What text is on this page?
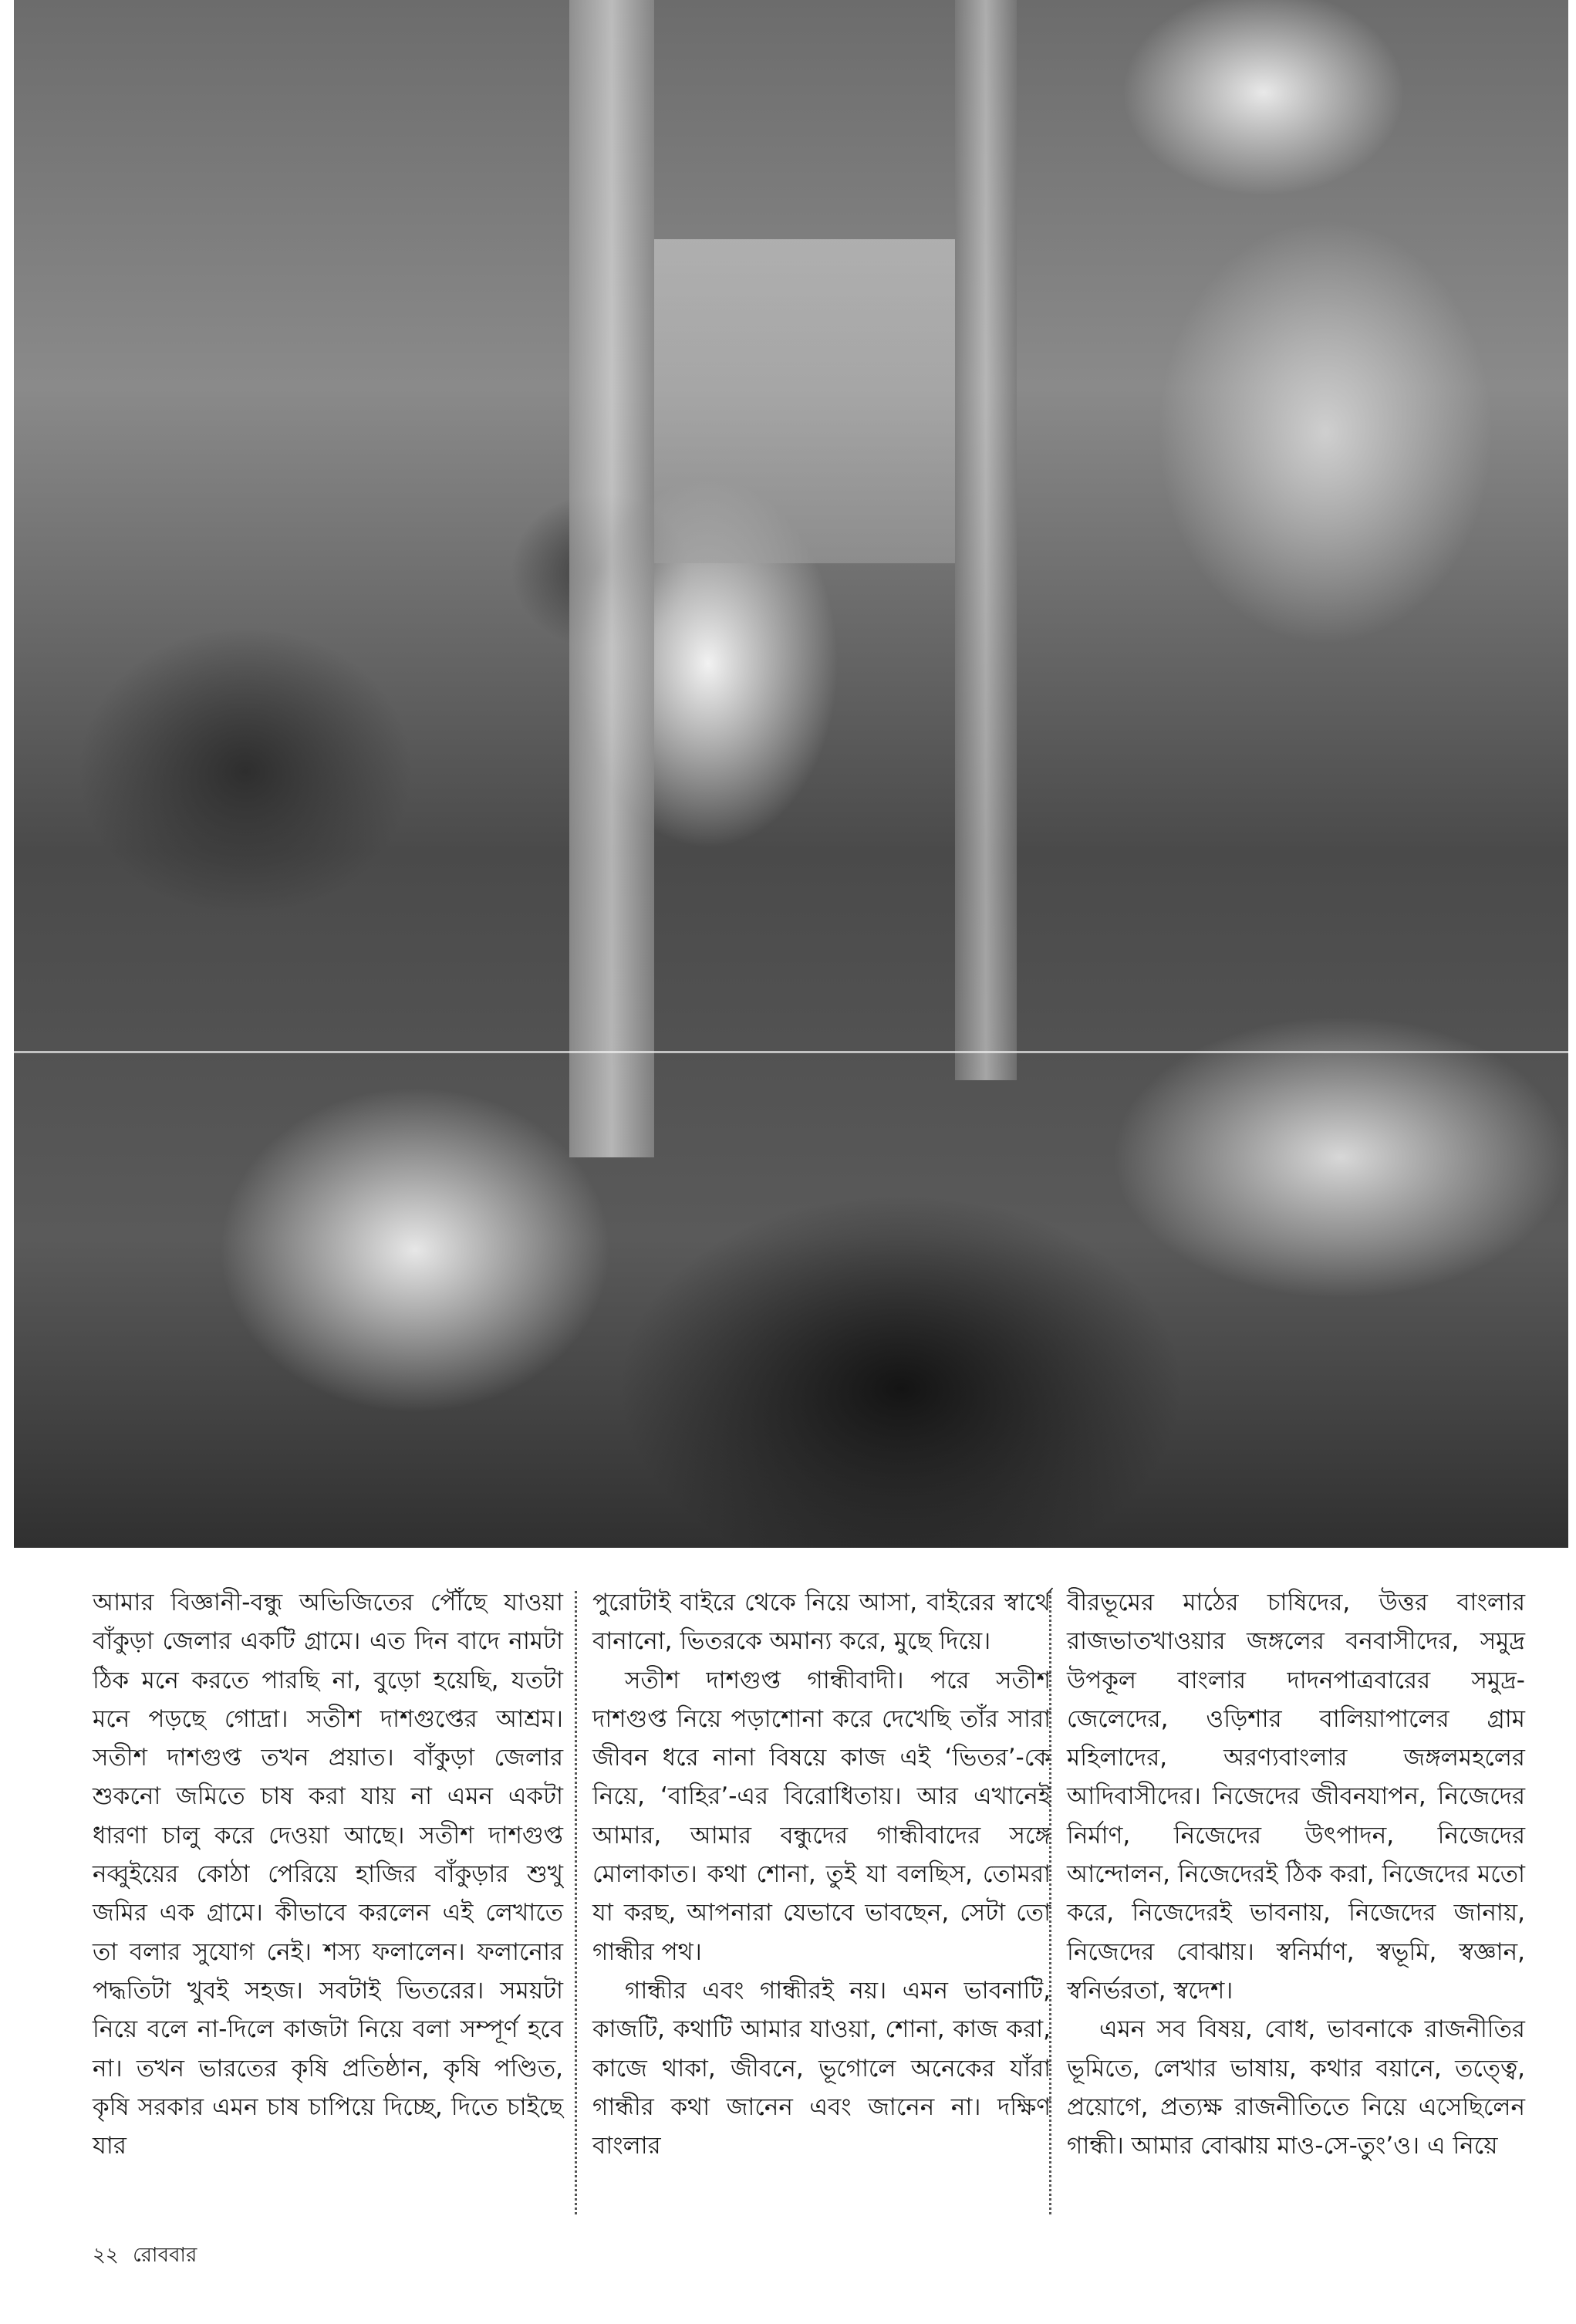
আমার বিজ্ঞানী-বন্ধু অভিজিতের পৌঁছে যাওয়া বাঁকুড়া জেলার একটি গ্রামে। এত দিন বাদে নামটা ঠিক মনে করতে পারছি না, বুড়ো হয়েছি, যতটা মনে পড়ছে গোদ্রা। সতীশ দাশগুপ্তের আশ্রম। সতীশ দাশগুপ্ত তখন প্রয়াত। বাঁকুড়া জেলার শুকনো জমিতে চাষ করা যায় না এমন একটা ধারণা চালু করে দেওয়া আছে। সতীশ দাশগুপ্ত নব্বুইয়ের কোঠা পেরিয়ে হাজির বাঁকুড়ার শুখু জমির এক গ্রামে। কীভাবে করলেন এই লেখাতে তা বলার সুযোগ নেই। শস্য ফলালেন। ফলানোর পদ্ধতিটা খুবই সহজ। সবটাই ভিতরের। সময়টা নিয়ে বলে না-দিলে কাজটা নিয়ে বলা সম্পূর্ণ হবে না। তখন ভারতের কৃষি প্রতিষ্ঠান, কৃষি পণ্ডিত, কৃষি সরকার এমন চাষ চাপিয়ে দিচ্ছে, দিতে চাইছে যার

পুরোটাই বাইরে থেকে নিয়ে আসা, বাইরের স্বার্থে বানানো, ভিতরকে অমান্য করে, মুছে দিয়ে।

সতীশ দাশগুপ্ত গান্ধীবাদী। পরে সতীশ দাশগুপ্ত নিয়ে পড়াশোনা করে দেখেছি তাঁর সারা জীবন ধরে নানা বিষয়ে কাজ এই ‘ভিতর’-কে নিয়ে, ‘বাহির’-এর বিরোধিতায়। আর এখানেই আমার, আমার বন্ধুদের গান্ধীবাদের সঙ্গে মোলাকাত। কথা শোনা, তুই যা বলছিস, তোমরা যা করছ, আপনারা যেভাবে ভাবছেন, সেটা তো গান্ধীর পথ।

গান্ধীর এবং গান্ধীরই নয়। এমন ভাবনাটি, কাজটি, কথাটি আমার যাওয়া, শোনা, কাজ করা, কাজে থাকা, জীবনে, ভূগোলে অনেকের যাঁরা গান্ধীর কথা জানেন এবং জানেন না। দক্ষিণ বাংলার

বীরভূমের মাঠের চাষিদের, উত্তর বাংলার রাজভাতখাওয়ার জঙ্গলের বনবাসীদের, সমুদ্র উপকূল বাংলার দাদনপাত্রবারের সমুদ্র-জেলেদের, ওড়িশার বালিয়াপালের গ্রাম মহিলাদের, অরণ্যবাংলার জঙ্গলমহলের আদিবাসীদের। নিজেদের জীবনযাপন, নিজেদের নির্মাণ, নিজেদের উৎপাদন, নিজেদের আন্দোলন, নিজেদেরই ঠিক করা, নিজেদের মতো করে, নিজেদেরই ভাবনায়, নিজেদের জানায়, নিজেদের বোঝায়। স্বনির্মাণ, স্বভূমি, স্বজ্ঞান, স্বনির্ভরতা, স্বদেশ।

এমন সব বিষয়, বোধ, ভাবনাকে রাজনীতির ভূমিতে, লেখার ভাষায়, কথার বয়ানে, তত্ত্বে, প্রয়োগে, প্রত্যক্ষ রাজনীতিতে নিয়ে এসেছিলেন গান্ধী। আমার বোঝায় মাও-সে-তুং’ও। এ নিয়ে

২২ রোববার
